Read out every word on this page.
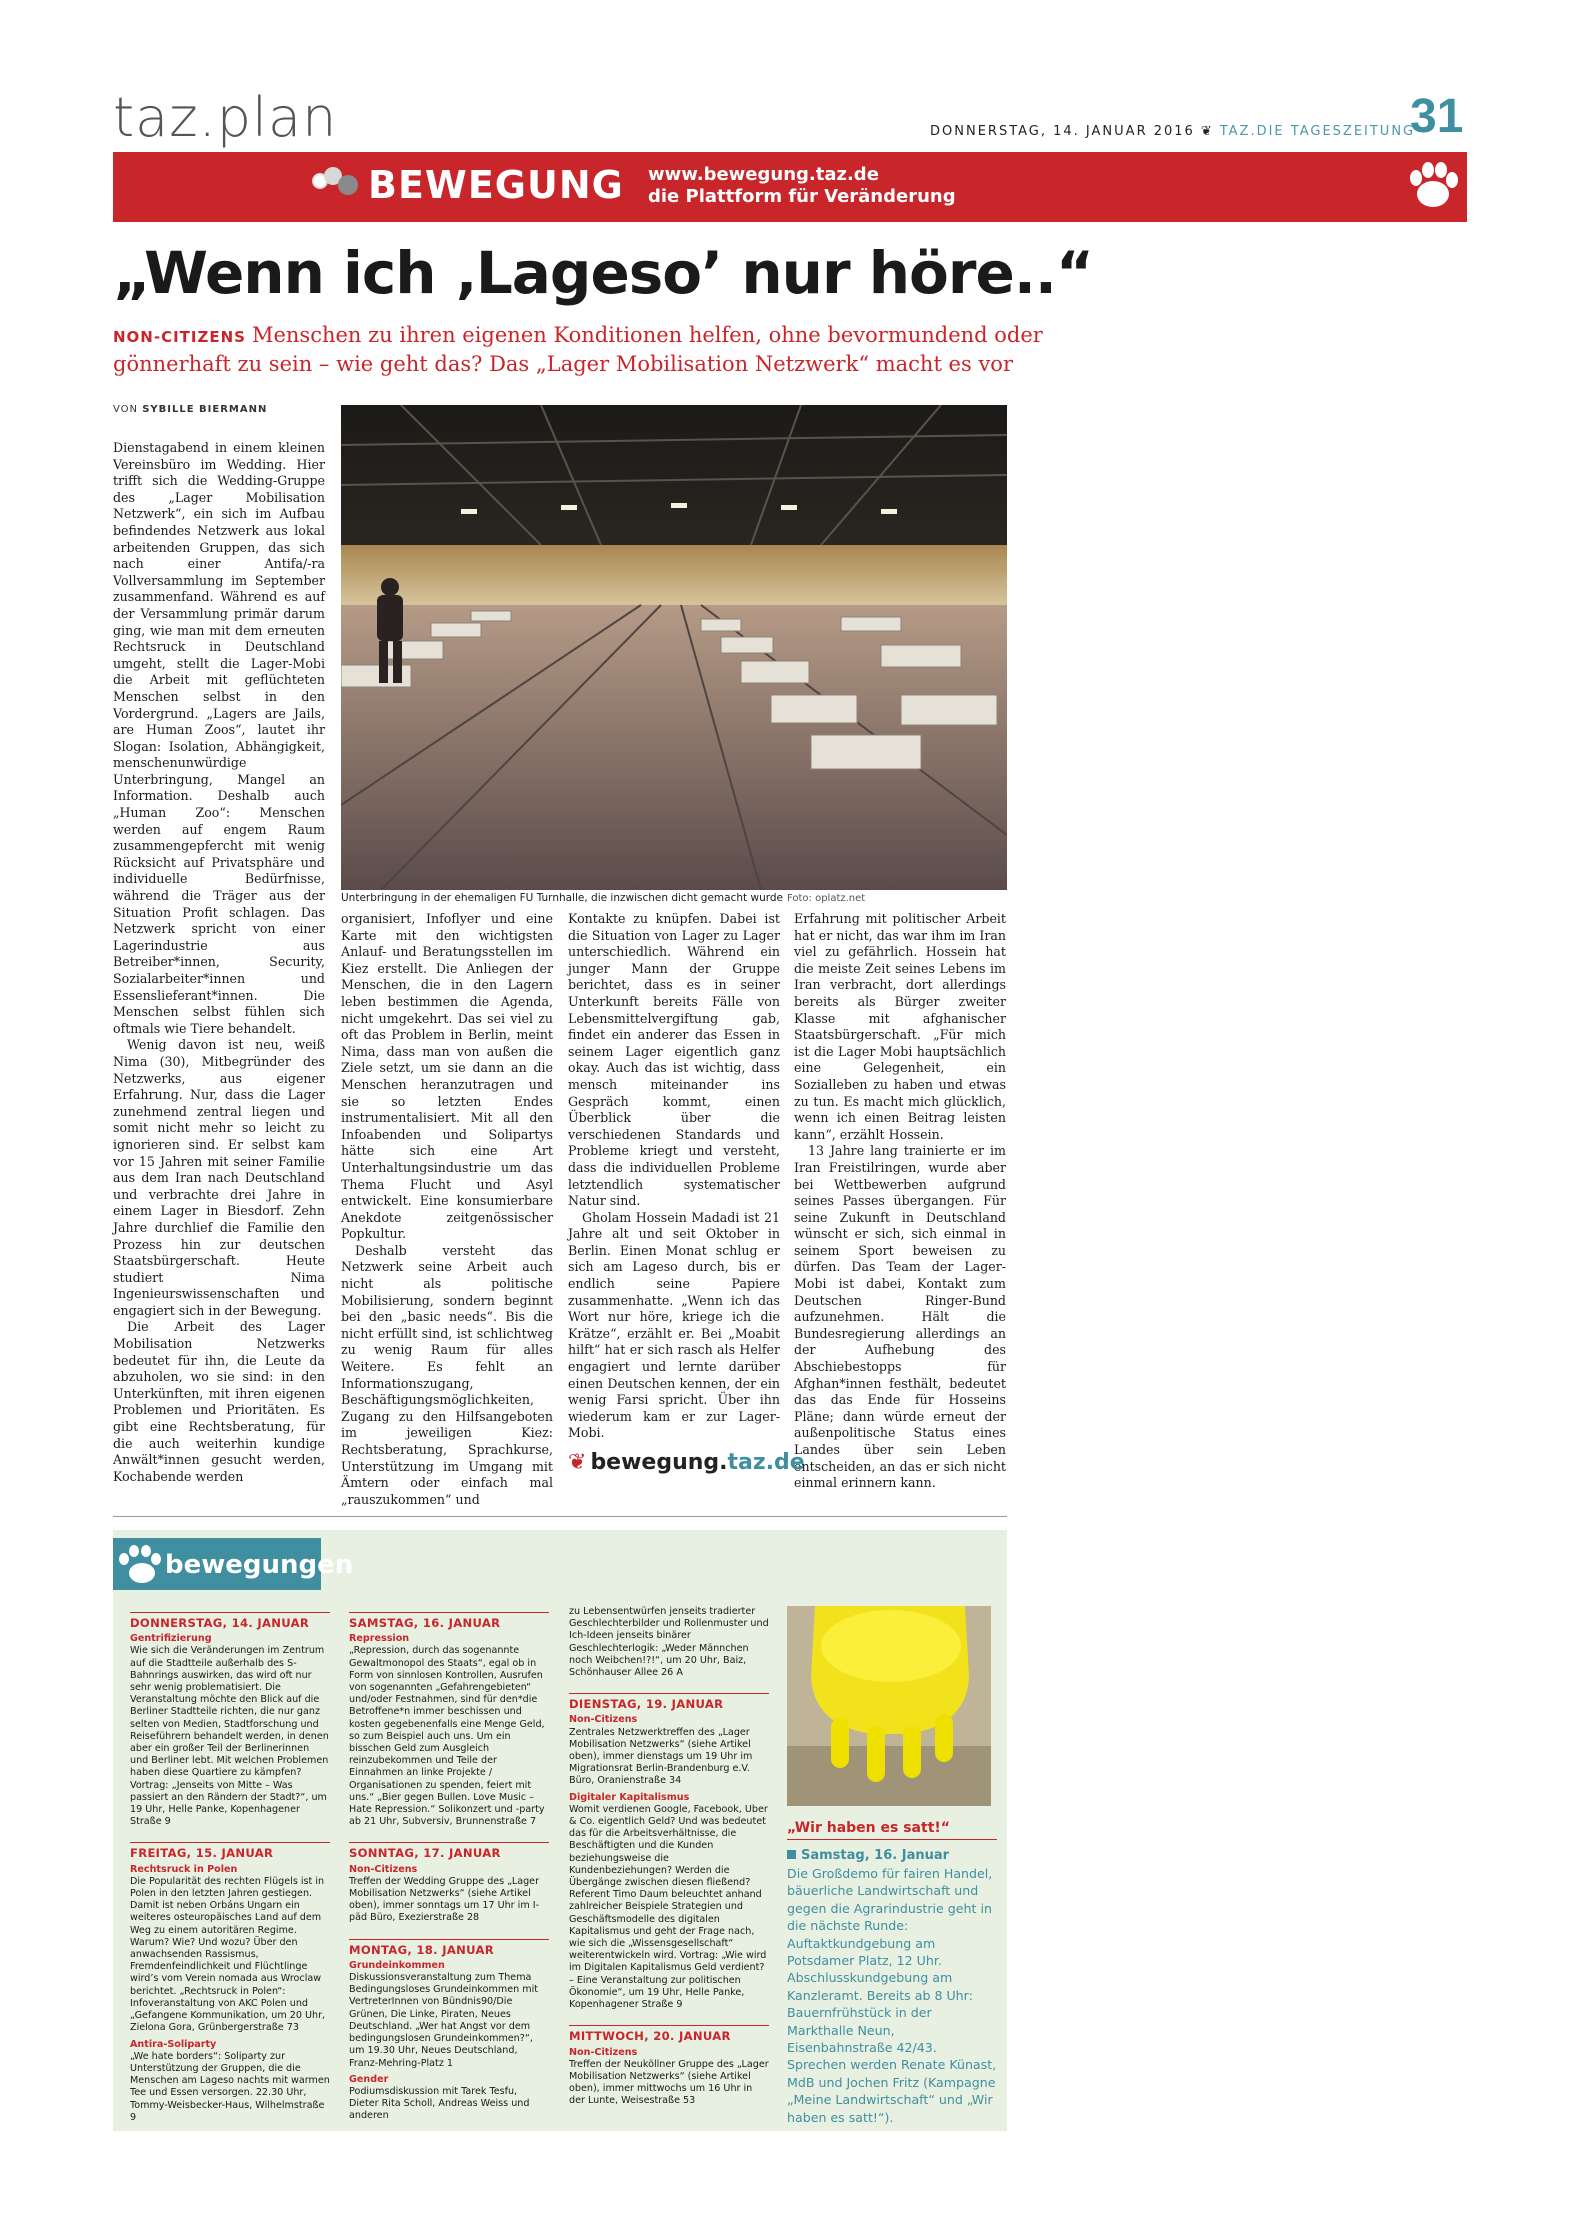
taz.plan	DONNERSTAG, 14. JANUAR 2016 ❦ TAZ.DIE TAGESZEITUNG
31
BEWEGUNG www.bewegung.taz.de
die Plattform für Veränderung
„Wenn ich ‚Lageso’ nur höre..“
NON-CITIZENS Menschen zu ihren eigenen Konditionen helfen, ohne bevormundend oder gönnerhaft zu sein – wie geht das? Das „Lager Mobilisation Netzwerk“ macht es vor
VON SYBILLE BIERMANN

Dienstagabend in einem kleinen Vereinsbüro im Wedding. Hier trifft sich die Wedding-Gruppe des „Lager Mobilisation Netzwerk“, ein sich im Aufbau befindendes Netzwerk aus lokal arbeitenden Gruppen, das sich nach einer Antifa/-ra Vollversammlung im September zusammenfand. Während es auf der Versammlung primär darum ging, wie man mit dem erneuten Rechtsruck in Deutschland umgeht, stellt die Lager-Mobi die Arbeit mit geflüchteten Menschen selbst in den Vordergrund. „Lagers are Jails, are Human Zoos“, lautet ihr Slogan: Isolation, Abhängigkeit, menschenunwürdige Unterbringung, Mangel an Information. Deshalb auch „Human Zoo“: Menschen werden auf engem Raum zusammengepfercht mit wenig Rücksicht auf Privatsphäre und individuelle Bedürfnisse, während die Träger aus der Situation Profit schlagen. Das Netzwerk spricht von einer Lagerindustrie aus Betreiber*innen, Security, Sozialarbeiter*innen und Essenslieferant*innen. Die Menschen selbst fühlen sich oftmals wie Tiere behandelt.

Wenig davon ist neu, weiß Nima (30), Mitbegründer des Netzwerks, aus eigener Erfahrung. Nur, dass die Lager zunehmend zentral liegen und somit nicht mehr so leicht zu ignorieren sind. Er selbst kam vor 15 Jahren mit seiner Familie aus dem Iran nach Deutschland und verbrachte drei Jahre in einem Lager in Biesdorf. Zehn Jahre durchlief die Familie den Prozess hin zur deutschen Staatsbürgerschaft. Heute studiert Nima Ingenieurswissenschaften und engagiert sich in der Bewegung.

Die Arbeit des Lager Mobilisation Netzwerks bedeutet für ihn, die Leute da abzuholen, wo sie sind: in den Unterkünften, mit ihren eigenen Problemen und Prioritäten. Es gibt eine Rechtsberatung, für die auch weiterhin kundige Anwält*innen gesucht werden, Kochabende werden

Unterbringung in der ehemaligen FU Turnhalle, die inzwischen dicht gemacht wurde Foto: oplatz.net

organisiert, Infoflyer und eine Karte mit den wichtigsten Anlauf- und Beratungsstellen im Kiez erstellt. Die Anliegen der Menschen, die in den Lagern leben bestimmen die Agenda, nicht umgekehrt. Das sei viel zu oft das Problem in Berlin, meint Nima, dass man von außen die Ziele setzt, um sie dann an die Menschen heranzutragen und sie so letzten Endes instrumentalisiert. Mit all den Infoabenden und Solipartys hätte sich eine Art Unterhaltungsindustrie um das Thema Flucht und Asyl entwickelt. Eine konsumierbare Anekdote zeitgenössischer Popkultur.

Deshalb versteht das Netzwerk seine Arbeit auch nicht als politische Mobilisierung, sondern beginnt bei den „basic needs“. Bis die nicht erfüllt sind, ist schlichtweg zu wenig Raum für alles Weitere. Es fehlt an Informationszugang, Beschäftigungsmöglichkeiten, Zugang zu den Hilfsangeboten im jeweiligen Kiez: Rechtsberatung, Sprachkurse, Unterstützung im Umgang mit Ämtern oder einfach mal „rauszukommen“ und

Kontakte zu knüpfen. Dabei ist die Situation von Lager zu Lager unterschiedlich. Während ein junger Mann der Gruppe berichtet, dass es in seiner Unterkunft bereits Fälle von Lebensmittelvergiftung gab, findet ein anderer das Essen in seinem Lager eigentlich ganz okay. Auch das ist wichtig, dass mensch miteinander ins Gespräch kommt, einen Überblick über die verschiedenen Standards und Probleme kriegt und versteht, dass die individuellen Probleme letztendlich systematischer Natur sind.

Gholam Hossein Madadi ist 21 Jahre alt und seit Oktober in Berlin. Einen Monat schlug er sich am Lageso durch, bis er endlich seine Papiere zusammenhatte. „Wenn ich das Wort nur höre, kriege ich die Krätze“, erzählt er. Bei „Moabit hilft“ hat er sich rasch als Helfer engagiert und lernte darüber einen Deutschen kennen, der ein wenig Farsi spricht. Über ihn wiederum kam er zur Lager-Mobi.

Erfahrung mit politischer Arbeit hat er nicht, das war ihm im Iran viel zu gefährlich. Hossein hat die meiste Zeit seines Lebens im Iran verbracht, dort allerdings bereits als Bürger zweiter Klasse mit afghanischer Staatsbürgerschaft. „Für mich ist die Lager Mobi hauptsächlich eine Gelegenheit, ein Sozialleben zu haben und etwas zu tun. Es macht mich glücklich, wenn ich einen Beitrag leisten kann“, erzählt Hossein.

13 Jahre lang trainierte er im Iran Freistilringen, wurde aber bei Wettbewerben aufgrund seines Passes übergangen. Für seine Zukunft in Deutschland wünscht er sich, sich einmal in seinem Sport beweisen zu dürfen. Das Team der Lager-Mobi ist dabei, Kontakt zum Deutschen Ringer-Bund aufzunehmen. Hält die Bundesregierung allerdings an der Aufhebung des Abschiebestopps für Afghan*innen festhält, bedeutet das das Ende für Hosseins Pläne; dann würde erneut der außenpolitische Status eines Landes über sein Leben entscheiden, an das er sich nicht einmal erinnern kann.

❦ bewegung.taz.de
bewegungen
DONNERSTAG, 14. JANUAR
Gentrifizierung
Wie sich die Veränderungen im Zentrum auf die Stadtteile außerhalb des S-Bahnrings auswirken, das wird oft nur sehr wenig problematisiert. Die Veranstaltung möchte den Blick auf die Berliner Stadtteile richten, die nur ganz selten von Medien, Stadtforschung und Reiseführern behandelt werden, in denen aber ein großer Teil der Berlinerinnen und Berliner lebt. Mit welchen Problemen haben diese Quartiere zu kämpfen? Vortrag: „Jenseits von Mitte – Was passiert an den Rändern der Stadt?“, um 19 Uhr, Helle Panke, Kopenhagener Straße 9
FREITAG, 15. JANUAR
Rechtsruck in Polen
Die Popularität des rechten Flügels ist in Polen in den letzten Jahren gestiegen. Damit ist neben Orbáns Ungarn ein weiteres osteuropäisches Land auf dem Weg zu einem autoritären Regime. Warum? Wie? Und wozu? Über den anwachsenden Rassismus, Fremdenfeindlichkeit und Flüchtlinge wird’s vom Verein nomada aus Wroclaw berichtet. „Rechtsruck in Polen“: Infoveranstaltung von AKC Polen und „Gefangene Kommunikation, um 20 Uhr, Zielona Gora, Grünbergerstraße 73
Antira-Soliparty
„We hate borders“: Soliparty zur Unterstützung der Gruppen, die die Menschen am Lageso nachts mit warmen Tee und Essen versorgen. 22.30 Uhr, Tommy-Weisbecker-Haus, Wilhelmstraße 9
SAMSTAG, 16. JANUAR
Repression
„Repression, durch das sogenannte Gewaltmonopol des Staats“, egal ob in Form von sinnlosen Kontrollen, Ausrufen von sogenannten „Gefahrengebieten“ und/oder Festnahmen, sind für den*die Betroffene*n immer beschissen und kosten gegebenenfalls eine Menge Geld, so zum Beispiel auch uns. Um ein bisschen Geld zum Ausgleich reinzubekommen und Teile der Einnahmen an linke Projekte / Organisationen zu spenden, feiert mit uns.“ „Bier gegen Bullen. Love Music – Hate Repression.“ Solikonzert und -party ab 21 Uhr, Subversiv, Brunnenstraße 7
SONNTAG, 17. JANUAR
Non-Citizens
Treffen der Wedding Gruppe des „Lager Mobilisation Netzwerks“ (siehe Artikel oben), immer sonntags um 17 Uhr im I-päd Büro, Exezierstraße 28
MONTAG, 18. JANUAR
Grundeinkommen
Diskussionsveranstaltung zum Thema Bedingungsloses Grundeinkommen mit VertreterInnen von Bündnis90/Die Grünen, Die Linke, Piraten, Neues Deutschland. „Wer hat Angst vor dem bedingungslosen Grundeinkommen?“, um 19.30 Uhr, Neues Deutschland, Franz-Mehring-Platz 1
Gender
Podiumsdiskussion mit Tarek Tesfu, Dieter Rita Scholl, Andreas Weiss und anderen
zu Lebensentwürfen jenseits tradierter Geschlechterbilder und Rollenmuster und Ich-Ideen jenseits binärer Geschlechterlogik: „Weder Männchen noch Weibchen!?!“, um 20 Uhr, Baiz, Schönhauser Allee 26 A
DIENSTAG, 19. JANUAR
Non-Citizens
Zentrales Netzwerktreffen des „Lager Mobilisation Netzwerks“ (siehe Artikel oben), immer dienstags um 19 Uhr im Migrationsrat Berlin-Brandenburg e.V. Büro, Oranienstraße 34
Digitaler Kapitalismus
Womit verdienen Google, Facebook, Uber & Co. eigentlich Geld? Und was bedeutet das für die Arbeitsverhältnisse, die Beschäftigten und die Kunden beziehungsweise die Kundenbeziehungen? Werden die Übergänge zwischen diesen fließend? Referent Timo Daum beleuchtet anhand zahlreicher Beispiele Strategien und Geschäftsmodelle des digitalen Kapitalismus und geht der Frage nach, wie sich die „Wissensgesellschaft“ weiterentwickeln wird. Vortrag: „Wie wird im Digitalen Kapitalismus Geld verdient? – Eine Veranstaltung zur politischen Ökonomie“, um 19 Uhr, Helle Panke, Kopenhagener Straße 9
MITTWOCH, 20. JANUAR
Non-Citizens
Treffen der Neuköllner Gruppe des „Lager Mobilisation Netzwerks“ (siehe Artikel oben), immer mittwochs um 16 Uhr in der Lunte, Weisestraße 53
„Wir haben es satt!“
Samstag, 16. Januar
Die Großdemo für fairen Handel, bäuerliche Landwirtschaft und gegen die Agrarindustrie geht in die nächste Runde: Auftaktkundgebung am Potsdamer Platz, 12 Uhr. Abschlusskundgebung am Kanzleramt. Bereits ab 8 Uhr: Bauernfrühstück in der Markthalle Neun, Eisenbahnstraße 42/43. Sprechen werden Renate Künast, MdB und Jochen Fritz (Kampagne „Meine Landwirtschaft“ und „Wir haben es satt!“).
